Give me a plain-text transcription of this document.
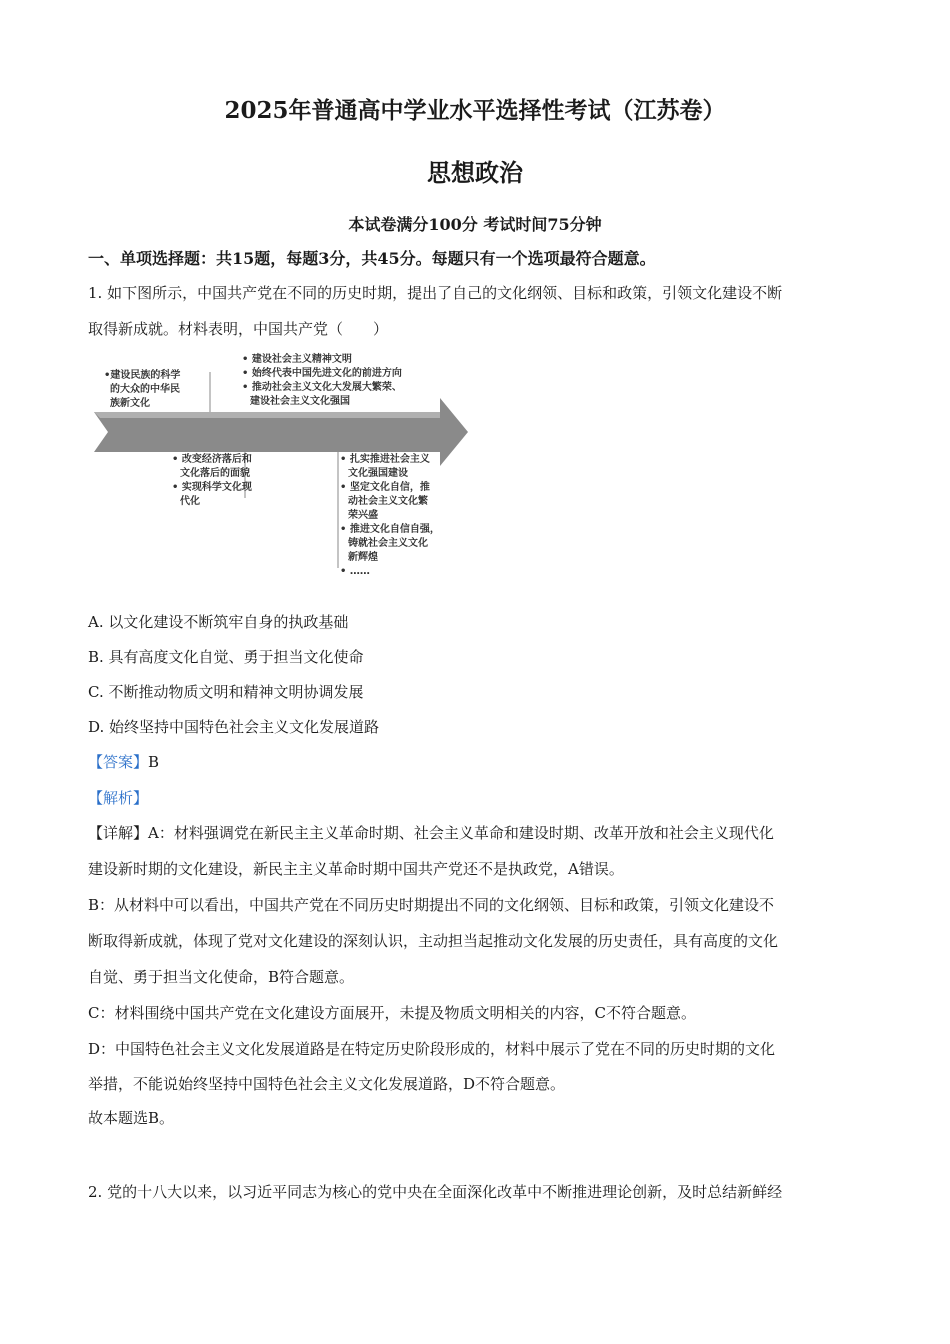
2025年普通高中学业水平选择性考试（江苏卷）
思想政治
本试卷满分100分 考试时间75分钟
一、单项选择题：共15题，每题3分，共45分。每题只有一个选项最符合题意。
1. 如下图所示，中国共产党在不同的历史时期，提出了自己的文化纲领、目标和政策，引领文化建设不断
取得新成就。材料表明，中国共产党（　　）
•建设民族的科学
的大众的中华民
族新文化
• 建设社会主义精神文明
• 始终代表中国先进文化的前进方向
• 推动社会主义文化大发展大繁荣、
建设社会主义文化强国
• 改变经济落后和
文化落后的面貌
• 实现科学文化现
代化
• 扎实推进社会主义
文化强国建设
• 坚定文化自信，推
动社会主义文化繁
荣兴盛
• 推进文化自信自强，
铸就社会主义文化
新辉煌
• ……
A. 以文化建设不断筑牢自身的执政基础
B. 具有高度文化自觉、勇于担当文化使命
C. 不断推动物质文明和精神文明协调发展
D. 始终坚持中国特色社会主义文化发展道路
【答案】B
【解析】
【详解】A：材料强调党在新民主主义革命时期、社会主义革命和建设时期、改革开放和社会主义现代化
建设新时期的文化建设，新民主主义革命时期中国共产党还不是执政党，A错误。
B：从材料中可以看出，中国共产党在不同历史时期提出不同的文化纲领、目标和政策，引领文化建设不
断取得新成就，体现了党对文化建设的深刻认识，主动担当起推动文化发展的历史责任，具有高度的文化
自觉、勇于担当文化使命，B符合题意。
C：材料围绕中国共产党在文化建设方面展开，未提及物质文明相关的内容，C不符合题意。
D：中国特色社会主义文化发展道路是在特定历史阶段形成的，材料中展示了党在不同的历史时期的文化
举措，不能说始终坚持中国特色社会主义文化发展道路，D不符合题意。
故本题选B。
2. 党的十八大以来，以习近平同志为核心的党中央在全面深化改革中不断推进理论创新，及时总结新鲜经
